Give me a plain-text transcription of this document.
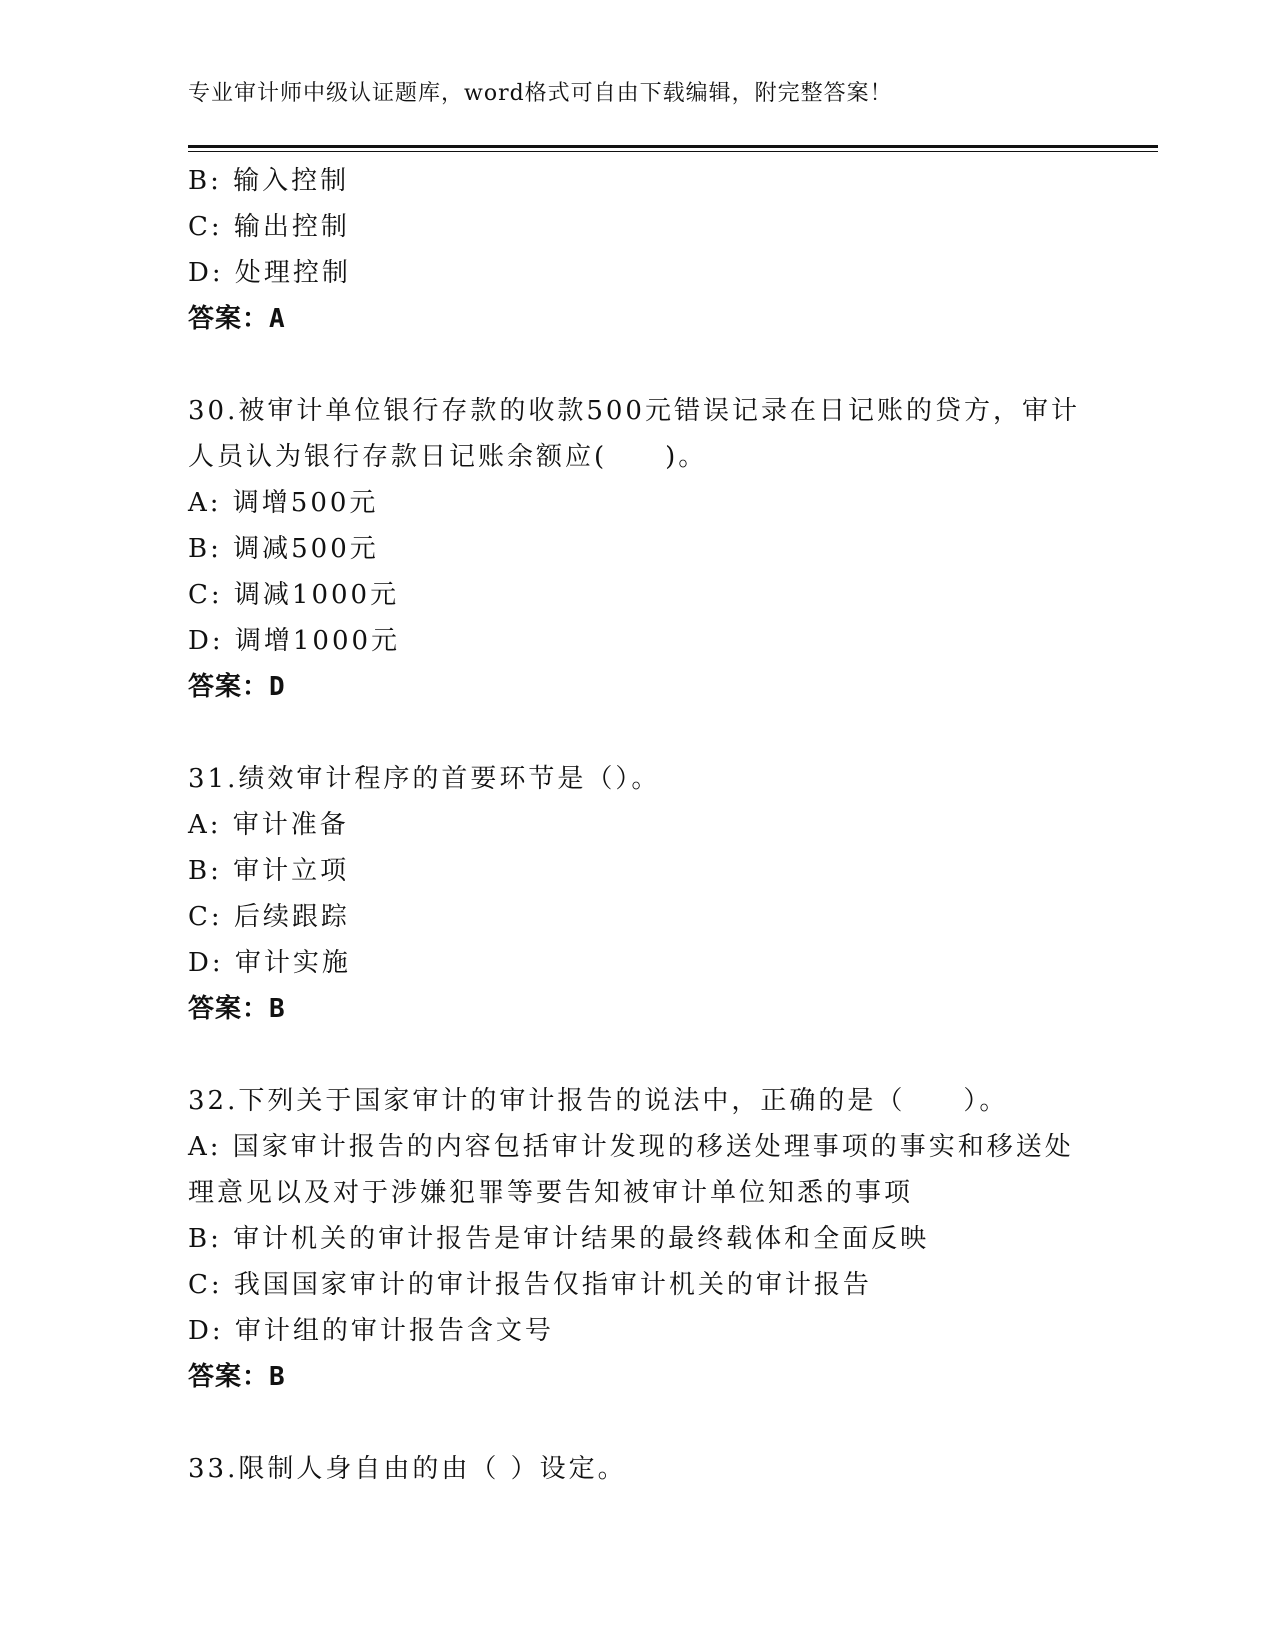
专业审计师中级认证题库，word格式可自由下载编辑，附完整答案！
B: 输入控制
C: 输出控制
D: 处理控制
答案：A
30.被审计单位银行存款的收款500元错误记录在日记账的贷方，审计
人员认为银行存款日记账余额应(　　)。
A: 调增500元
B: 调减500元
C: 调减1000元
D: 调增1000元
答案：D
31.绩效审计程序的首要环节是（）。
A: 审计准备
B: 审计立项
C: 后续跟踪
D: 审计实施
答案：B
32.下列关于国家审计的审计报告的说法中，正确的是（　　）。
A: 国家审计报告的内容包括审计发现的移送处理事项的事实和移送处
理意见以及对于涉嫌犯罪等要告知被审计单位知悉的事项
B: 审计机关的审计报告是审计结果的最终载体和全面反映
C: 我国国家审计的审计报告仅指审计机关的审计报告
D: 审计组的审计报告含文号
答案：B
33.限制人身自由的由（ ）设定。
